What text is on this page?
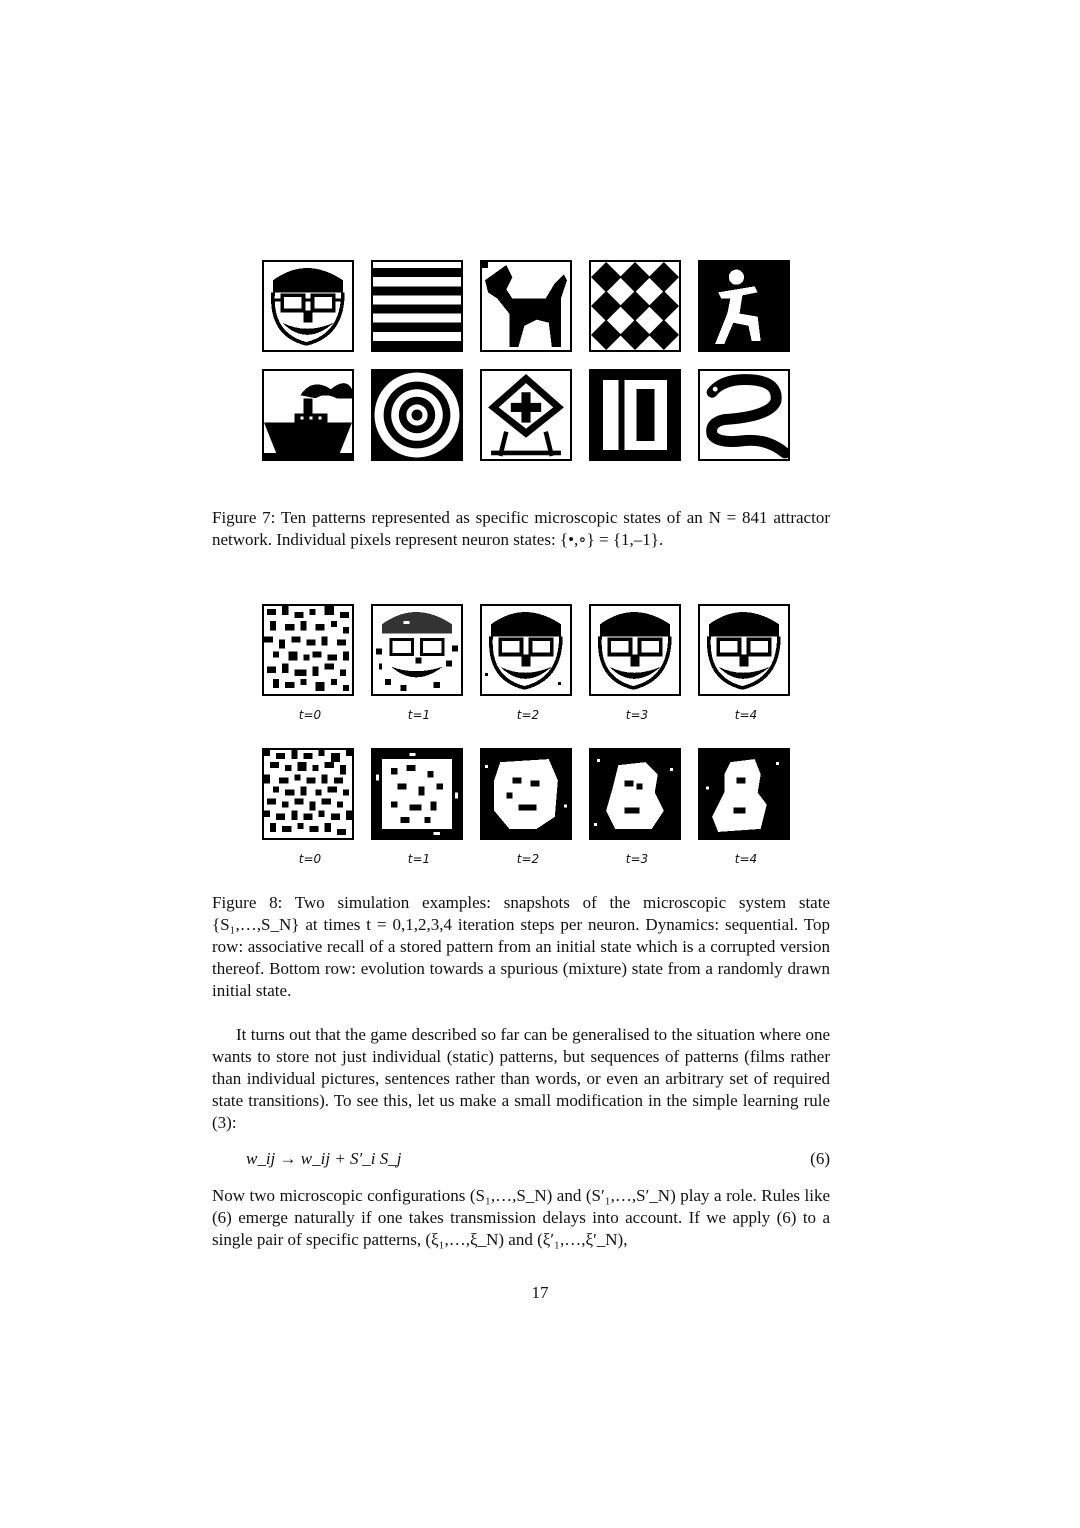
Figure 7: Ten patterns represented as specific microscopic states of an N = 841 attractor network. Individual pixels represent neuron states: {•,∘} = {1,–1}.
t=0	t=1	t=2	t=3	t=4
t=0	t=1	t=2	t=3	t=4
Figure 8: Two simulation examples: snapshots of the microscopic system state {S₁,…,S_N} at times t = 0,1,2,3,4 iteration steps per neuron. Dynamics: sequential. Top row: associative recall of a stored pattern from an initial state which is a corrupted version thereof. Bottom row: evolution towards a spurious (mixture) state from a randomly drawn initial state.
It turns out that the game described so far can be generalised to the situation where one wants to store not just individual (static) patterns, but sequences of patterns (films rather than individual pictures, sentences rather than words, or even an arbitrary set of required state transitions). To see this, let us make a small modification in the simple learning rule (3):
w_ij → w_ij + S′_i S_j	(6)
Now two microscopic configurations (S₁,…,S_N) and (S′₁,…,S′_N) play a role. Rules like (6) emerge naturally if one takes transmission delays into account. If we apply (6) to a single pair of specific patterns, (ξ₁,…,ξ_N) and (ξ′₁,…,ξ′_N),
17
